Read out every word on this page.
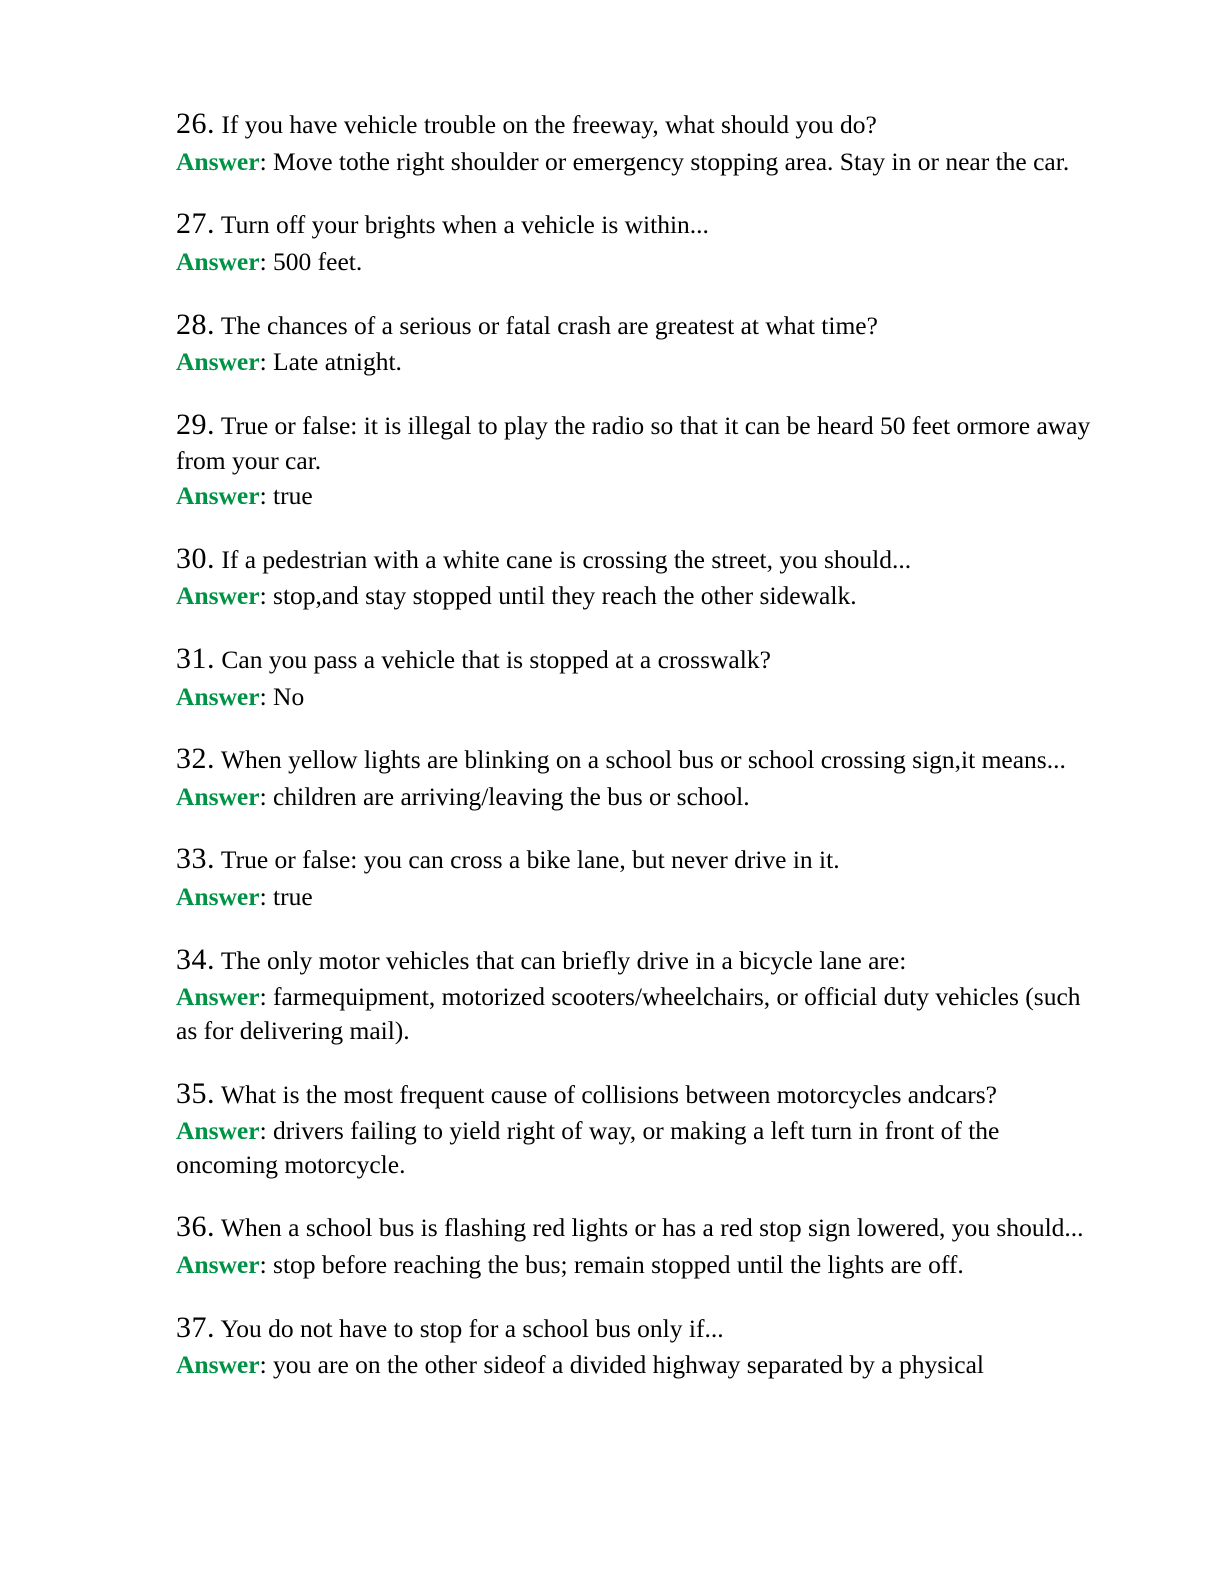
26. If you have vehicle trouble on the freeway, what should you do?
Answer: Move tothe right shoulder or emergency stopping area. Stay in or near the car.
27. Turn off your brights when a vehicle is within...
Answer: 500 feet.
28. The chances of a serious or fatal crash are greatest at what time?
Answer: Late atnight.
29. True or false: it is illegal to play the radio so that it can be heard 50 feet ormore away from your car.
Answer: true
30. If a pedestrian with a white cane is crossing the street, you should...
Answer: stop,and stay stopped until they reach the other sidewalk.
31. Can you pass a vehicle that is stopped at a crosswalk?
Answer: No
32. When yellow lights are blinking on a school bus or school crossing sign,it means...
Answer: children are arriving/leaving the bus or school.
33. True or false: you can cross a bike lane, but never drive in it.
Answer: true
34. The only motor vehicles that can briefly drive in a bicycle lane are:
Answer: farmequipment, motorized scooters/wheelchairs, or official duty vehicles (such as for delivering mail).
35. What is the most frequent cause of collisions between motorcycles andcars?
Answer: drivers failing to yield right of way, or making a left turn in front of the oncoming motorcycle.
36. When a school bus is flashing red lights or has a red stop sign lowered, you should...
Answer: stop before reaching the bus; remain stopped until the lights are off.
37. You do not have to stop for a school bus only if...
Answer: you are on the other sideof a divided highway separated by a physical
